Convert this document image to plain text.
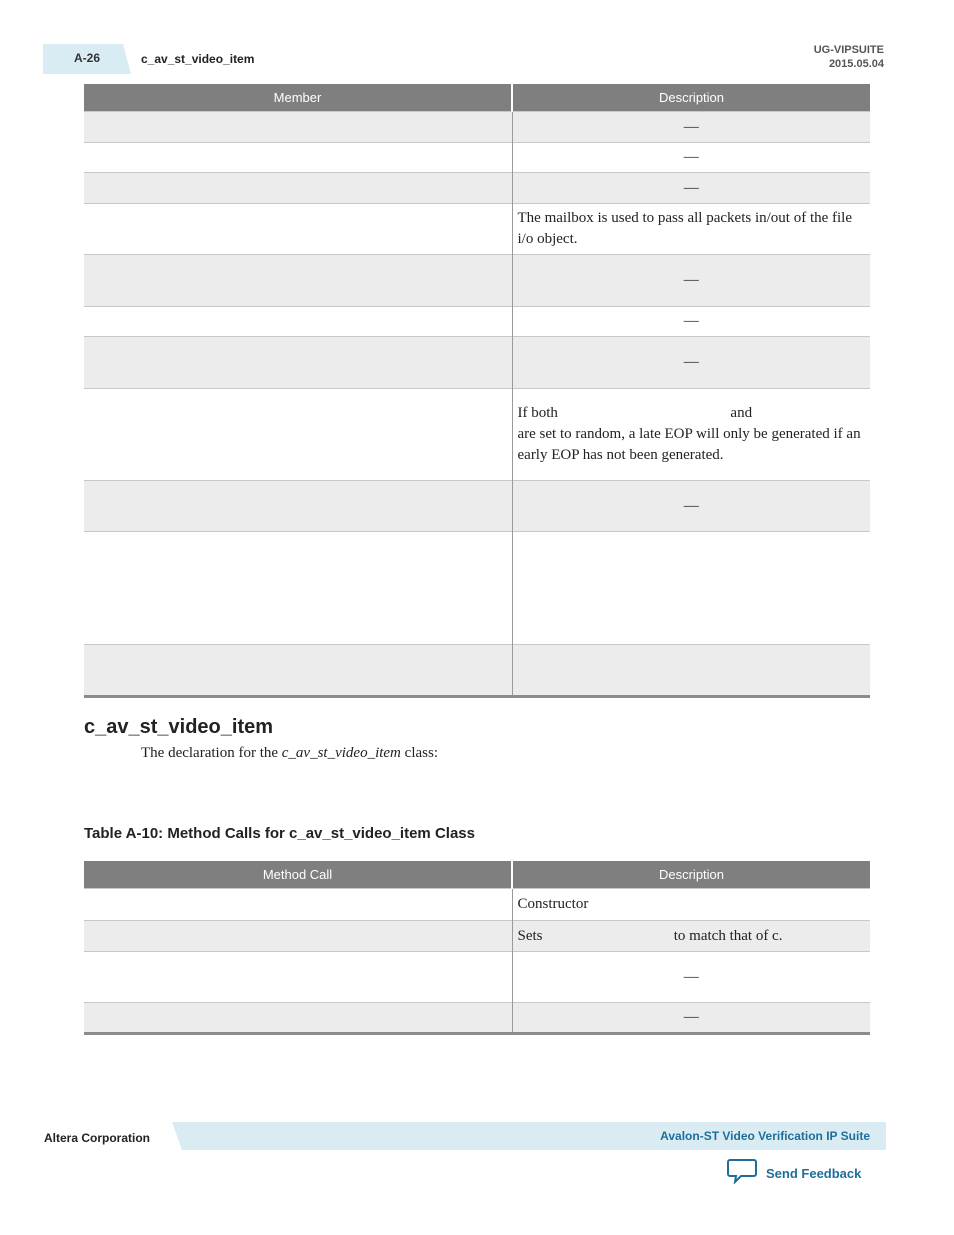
A-26	c_av_st_video_item
UG-VIPSUITE
2015.05.04
Member	Description
	—
	—
	—
	The mailbox is used to pass all packets in/out of the file i/o object.
	—
	—
	—
	If both                                              and                                   are set to random, a late EOP will only be generated if an early EOP has not been generated.
	—

c_av_st_video_item
The declaration for the c_av_st_video_item class:
Table A-10: Method Calls for c_av_st_video_item Class
Method Call	Description
	Constructor
	Sets                                   to match that of c.
	—
	—
Altera Corporation	Avalon-ST Video Verification IP Suite
Send Feedback
